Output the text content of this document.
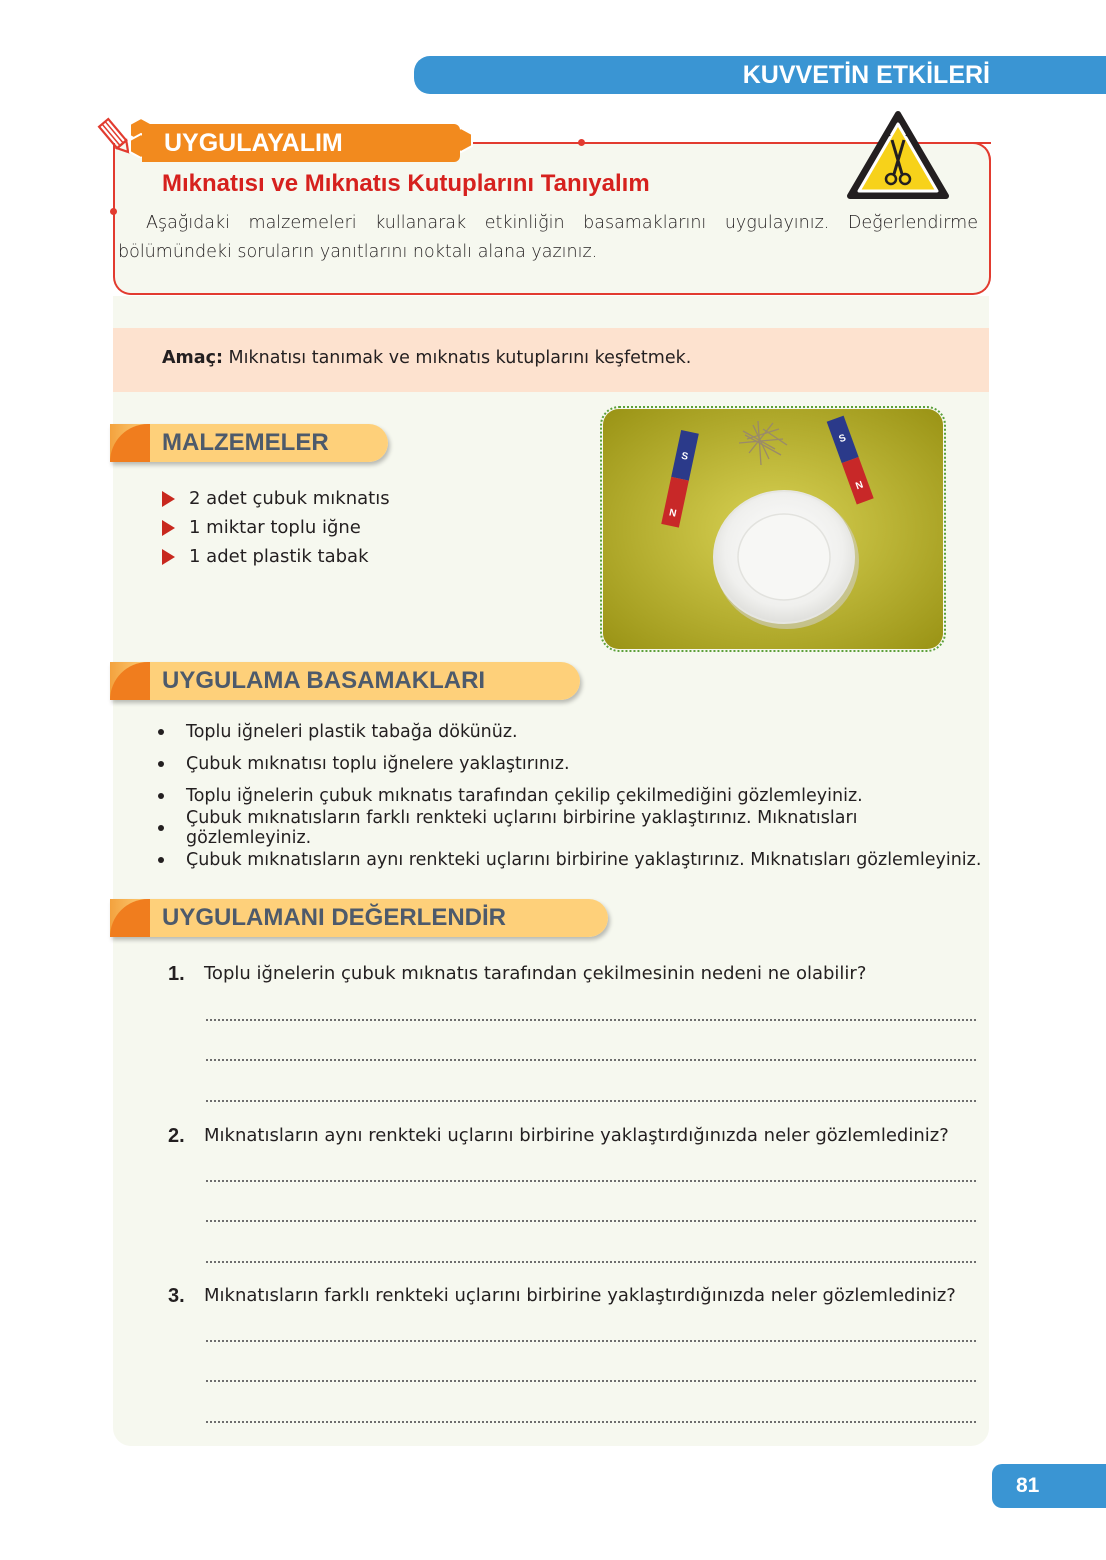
KUVVETİN ETKİLERİ
UYGULAYALIM
Mıknatısı ve Mıknatıs Kutuplarını Tanıyalım
Aşağıdaki malzemeleri kullanarak etkinliğin basamaklarını uygulayınız. Değerlendirme bölümündeki soruların yanıtlarını noktalı alana yazınız.
Amaç: Mıknatısı tanımak ve mıknatıs kutuplarını keşfetmek.
MALZEMELER
2 adet çubuk mıknatıs
1 miktar toplu iğne
1 adet plastik tabak
S
N
S
N
UYGULAMA BASAMAKLARI
Toplu iğneleri plastik tabağa dökünüz.
Çubuk mıknatısı toplu iğnelere yaklaştırınız.
Toplu iğnelerin çubuk mıknatıs tarafından çekilip çekilmediğini gözlemleyiniz.
Çubuk mıknatısların farklı renkteki uçlarını birbirine yaklaştırınız. Mıknatısları gözlemleyiniz.
Çubuk mıknatısların aynı renkteki uçlarını birbirine yaklaştırınız. Mıknatısları gözlemleyiniz.
UYGULAMANI DEĞERLENDİR
1.	Toplu iğnelerin çubuk mıknatıs tarafından çekilmesinin nedeni ne olabilir?
2.	Mıknatısların aynı renkteki uçlarını birbirine yaklaştırdığınızda neler gözlemlediniz?
3.	Mıknatısların farklı renkteki uçlarını birbirine yaklaştırdığınızda neler gözlemlediniz?
81
